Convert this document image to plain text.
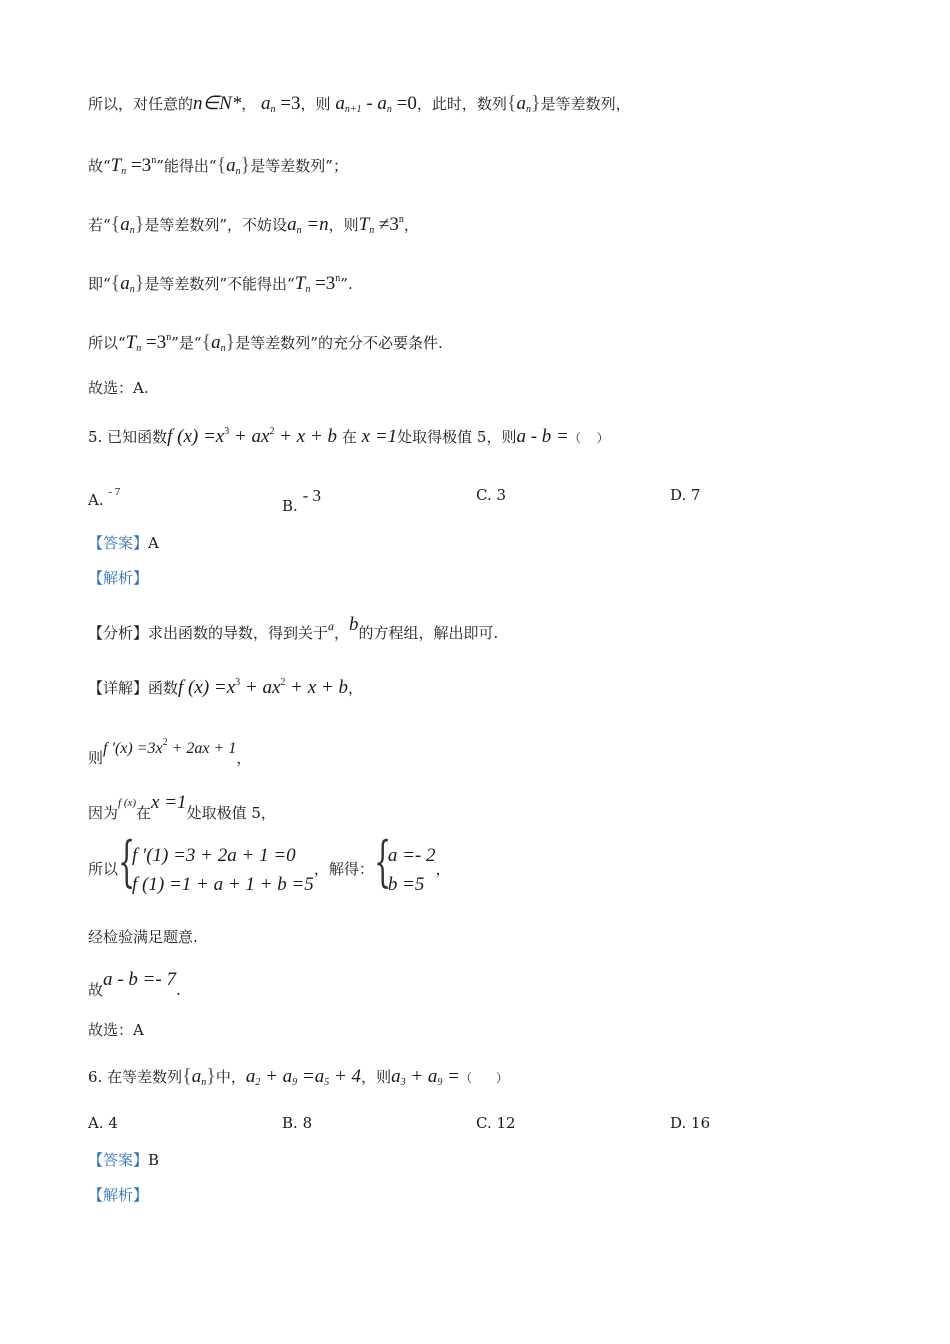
所以，对任意的n∈N*， $a_n =3$，则 $a_{n+1} - a_n =0$，此时，数列$\{a_n\}$是等差数列，
故“$T_n =3^n$”能得出“$\{a_n\}$是等差数列”；
若“$\{a_n\}$是等差数列”，不妨设$a_n =n$，则$T_n \ne 3^n$，
即“$\{a_n\}$是等差数列”不能得出“$T_n =3^n$”.
所以“$T_n =3^n$”是“$\{a_n\}$是等差数列”的充分不必要条件.
故选：A.
5. 已知函数f $(x) =x^3 + ax^2 + x + b$ 在 x =1处取得极值 5，则a - b =（　 ）
A. $^{- 7}$
B. - 3	C. 3	D. 7
【答案】A
【解析】
【分析】求出函数的导数，得到关于$^a$，b的方程组，解出即可.
【详解】函数f $(x) =x^3 + ax^2 + x + b$，
则f $'(x) =3x^2 + 2ax + 1$，
因为$^{f (x)}$在x =1处取极值 5，
所以 {
f ′(1) =3 + 2a + 1 =0
f (1) =1 + a + 1 + b =5
，解得： {
a =- 2
b =5
，
经检验满足题意.
故a - b =- 7.
故选：A
6. 在等差数列$\{a_n\}$中，$a_2 + a_9 =a_5 + 4$，则$a_3 + a_9$ =（　　）
A. 4	B. 8	C. 12	D. 16
【答案】B
【解析】
